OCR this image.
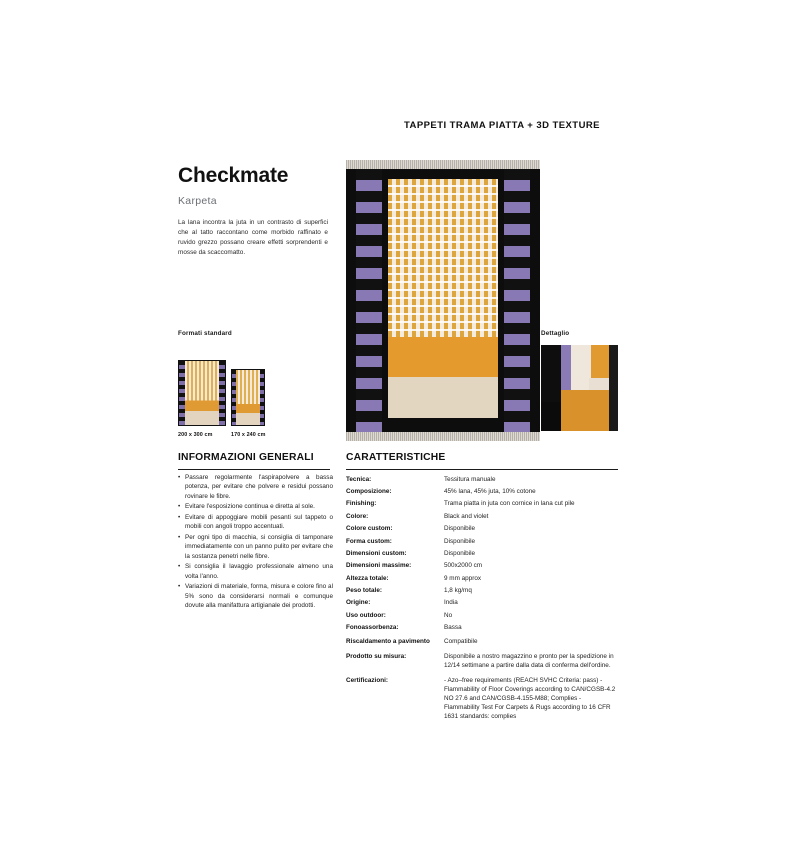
TAPPETI TRAMA PIATTA + 3D TEXTURE
Checkmate
Karpeta
La lana incontra la juta in un contrasto di superfici che al tatto raccontano come morbido raffinato e ruvido grezzo possano creare effetti sorprendenti e mosse da scaccomatto.
Formati standard
200 x 300 cm	170 x 240 cm
Dettaglio
INFORMAZIONI GENERALI	CARATTERISTICHE
• Passare regolarmente l'aspirapolvere a bassa potenza, per evitare che polvere e residui possano rovinare le fibre.
• Evitare l'esposizione continua e diretta al sole.
• Evitare di appoggiare mobili pesanti sul tappeto o mobili con angoli troppo accentuati.
• Per ogni tipo di macchia, si consiglia di tamponare immediatamente con un panno pulito per evitare che la sostanza penetri nelle fibre.
• Si consiglia il lavaggio professionale almeno una volta l'anno.
• Variazioni di materiale, forma, misura e colore fino al 5% sono da considerarsi normali e comunque dovute alla manifattura artigianale dei prodotti.
Tecnica:	Tessitura manuale
Composizione:	45% lana, 45% juta, 10% cotone
Finishing:	Trama piatta in juta con cornice in lana cut pile
Colore:	Black and violet
Colore custom:	Disponibile
Forma custom:	Disponibile
Dimensioni custom:	Disponibile
Dimensioni massime:	500x2000 cm
Altezza totale:	9 mm approx
Peso totale:	1,8 kg/mq
Origine:	India
Uso outdoor:	No
Fonoassorbenza:	Bassa
Riscaldamento a pavimento	Compatibile
Prodotto su misura:	Disponibile a nostro magazzino e pronto per la spedizione in 12/14 settimane a partire dalla data di conferma dell'ordine.
Certificazioni:	- Azo–free requirements (REACH SVHC Criteria: pass) - Flammability of Floor Coverings according to CAN/CGSB-4.2 NO 27.6 and CAN/CGSB-4.155-M88; Complies - Flammability Test For Carpets & Rugs according to 16 CFR 1631 standards: complies
